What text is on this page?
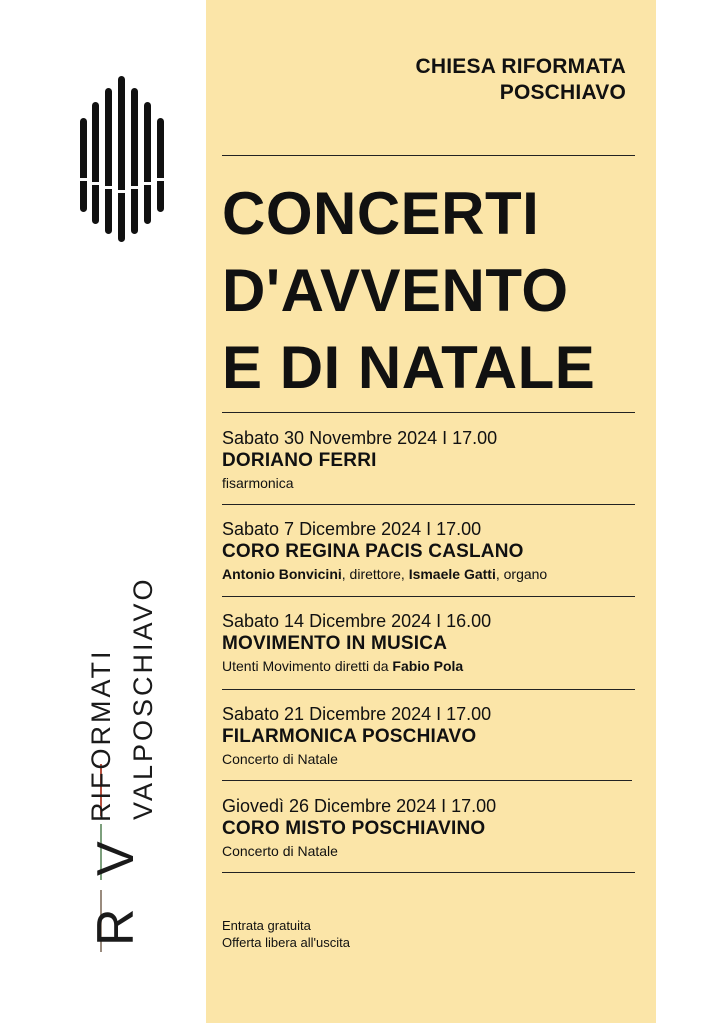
R
V
RIFORMATI VALPOSCHIAVO
CHIESA RIFORMATA
POSCHIAVO
CONCERTI
D'AVVENTO
E DI NATALE
Sabato 30 Novembre 2024 I 17.00
DORIANO FERRI
fisarmonica
Sabato 7 Dicembre 2024 I 17.00
CORO REGINA PACIS CASLANO
Antonio Bonvicini, direttore, Ismaele Gatti, organo
Sabato 14 Dicembre 2024 I 16.00
MOVIMENTO IN MUSICA
Utenti Movimento diretti da Fabio Pola
Sabato 21 Dicembre 2024 I 17.00
FILARMONICA POSCHIAVO
Concerto di Natale
Giovedì 26 Dicembre 2024 I 17.00
CORO MISTO POSCHIAVINO
Concerto di Natale
Entrata gratuita
Offerta libera all'uscita
